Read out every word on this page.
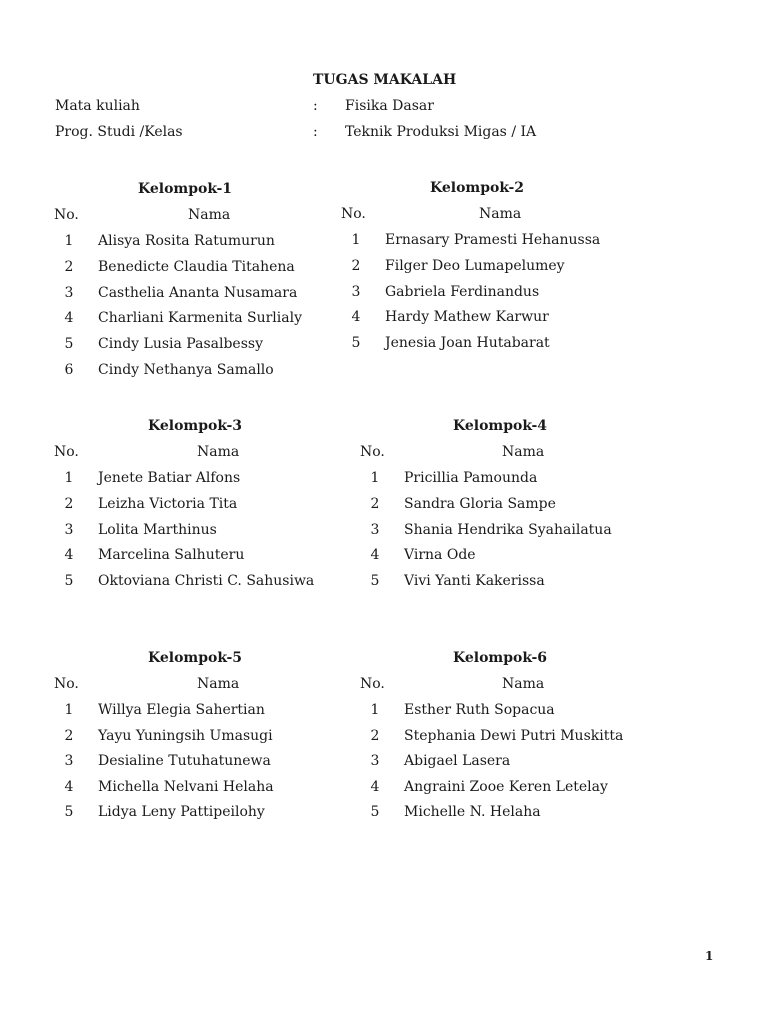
TUGAS MAKALAH
Mata kuliah	: Fisika Dasar
Prog. Studi /Kelas	: Teknik Produksi Migas / IA
Kelompok-1
No.	Nama
1	Alisya Rosita Ratumurun
2	Benedicte Claudia Titahena
3	Casthelia Ananta Nusamara
4	Charliani Karmenita Surlialy
5	Cindy Lusia Pasalbessy
6	Cindy Nethanya Samallo
Kelompok-2
No.	Nama
1	Ernasary Pramesti Hehanussa
2	Filger Deo Lumapelumey
3	Gabriela Ferdinandus
4	Hardy Mathew Karwur
5	Jenesia Joan Hutabarat
Kelompok-3
No.	Nama
1	Jenete Batiar Alfons
2	Leizha Victoria Tita
3	Lolita Marthinus
4	Marcelina Salhuteru
5	Oktoviana Christi C. Sahusiwa
Kelompok-4
No.	Nama
1	Pricillia Pamounda
2	Sandra Gloria Sampe
3	Shania Hendrika Syahailatua
4	Virna Ode
5	Vivi Yanti Kakerissa
Kelompok-5
No.	Nama
1	Willya Elegia Sahertian
2	Yayu Yuningsih Umasugi
3	Desialine Tutuhatunewa
4	Michella Nelvani Helaha
5	Lidya Leny Pattipeilohy
Kelompok-6
No.	Nama
1	Esther Ruth Sopacua
2	Stephania Dewi Putri Muskitta
3	Abigael Lasera
4	Angraini Zooe Keren Letelay
5	Michelle N. Helaha
1
